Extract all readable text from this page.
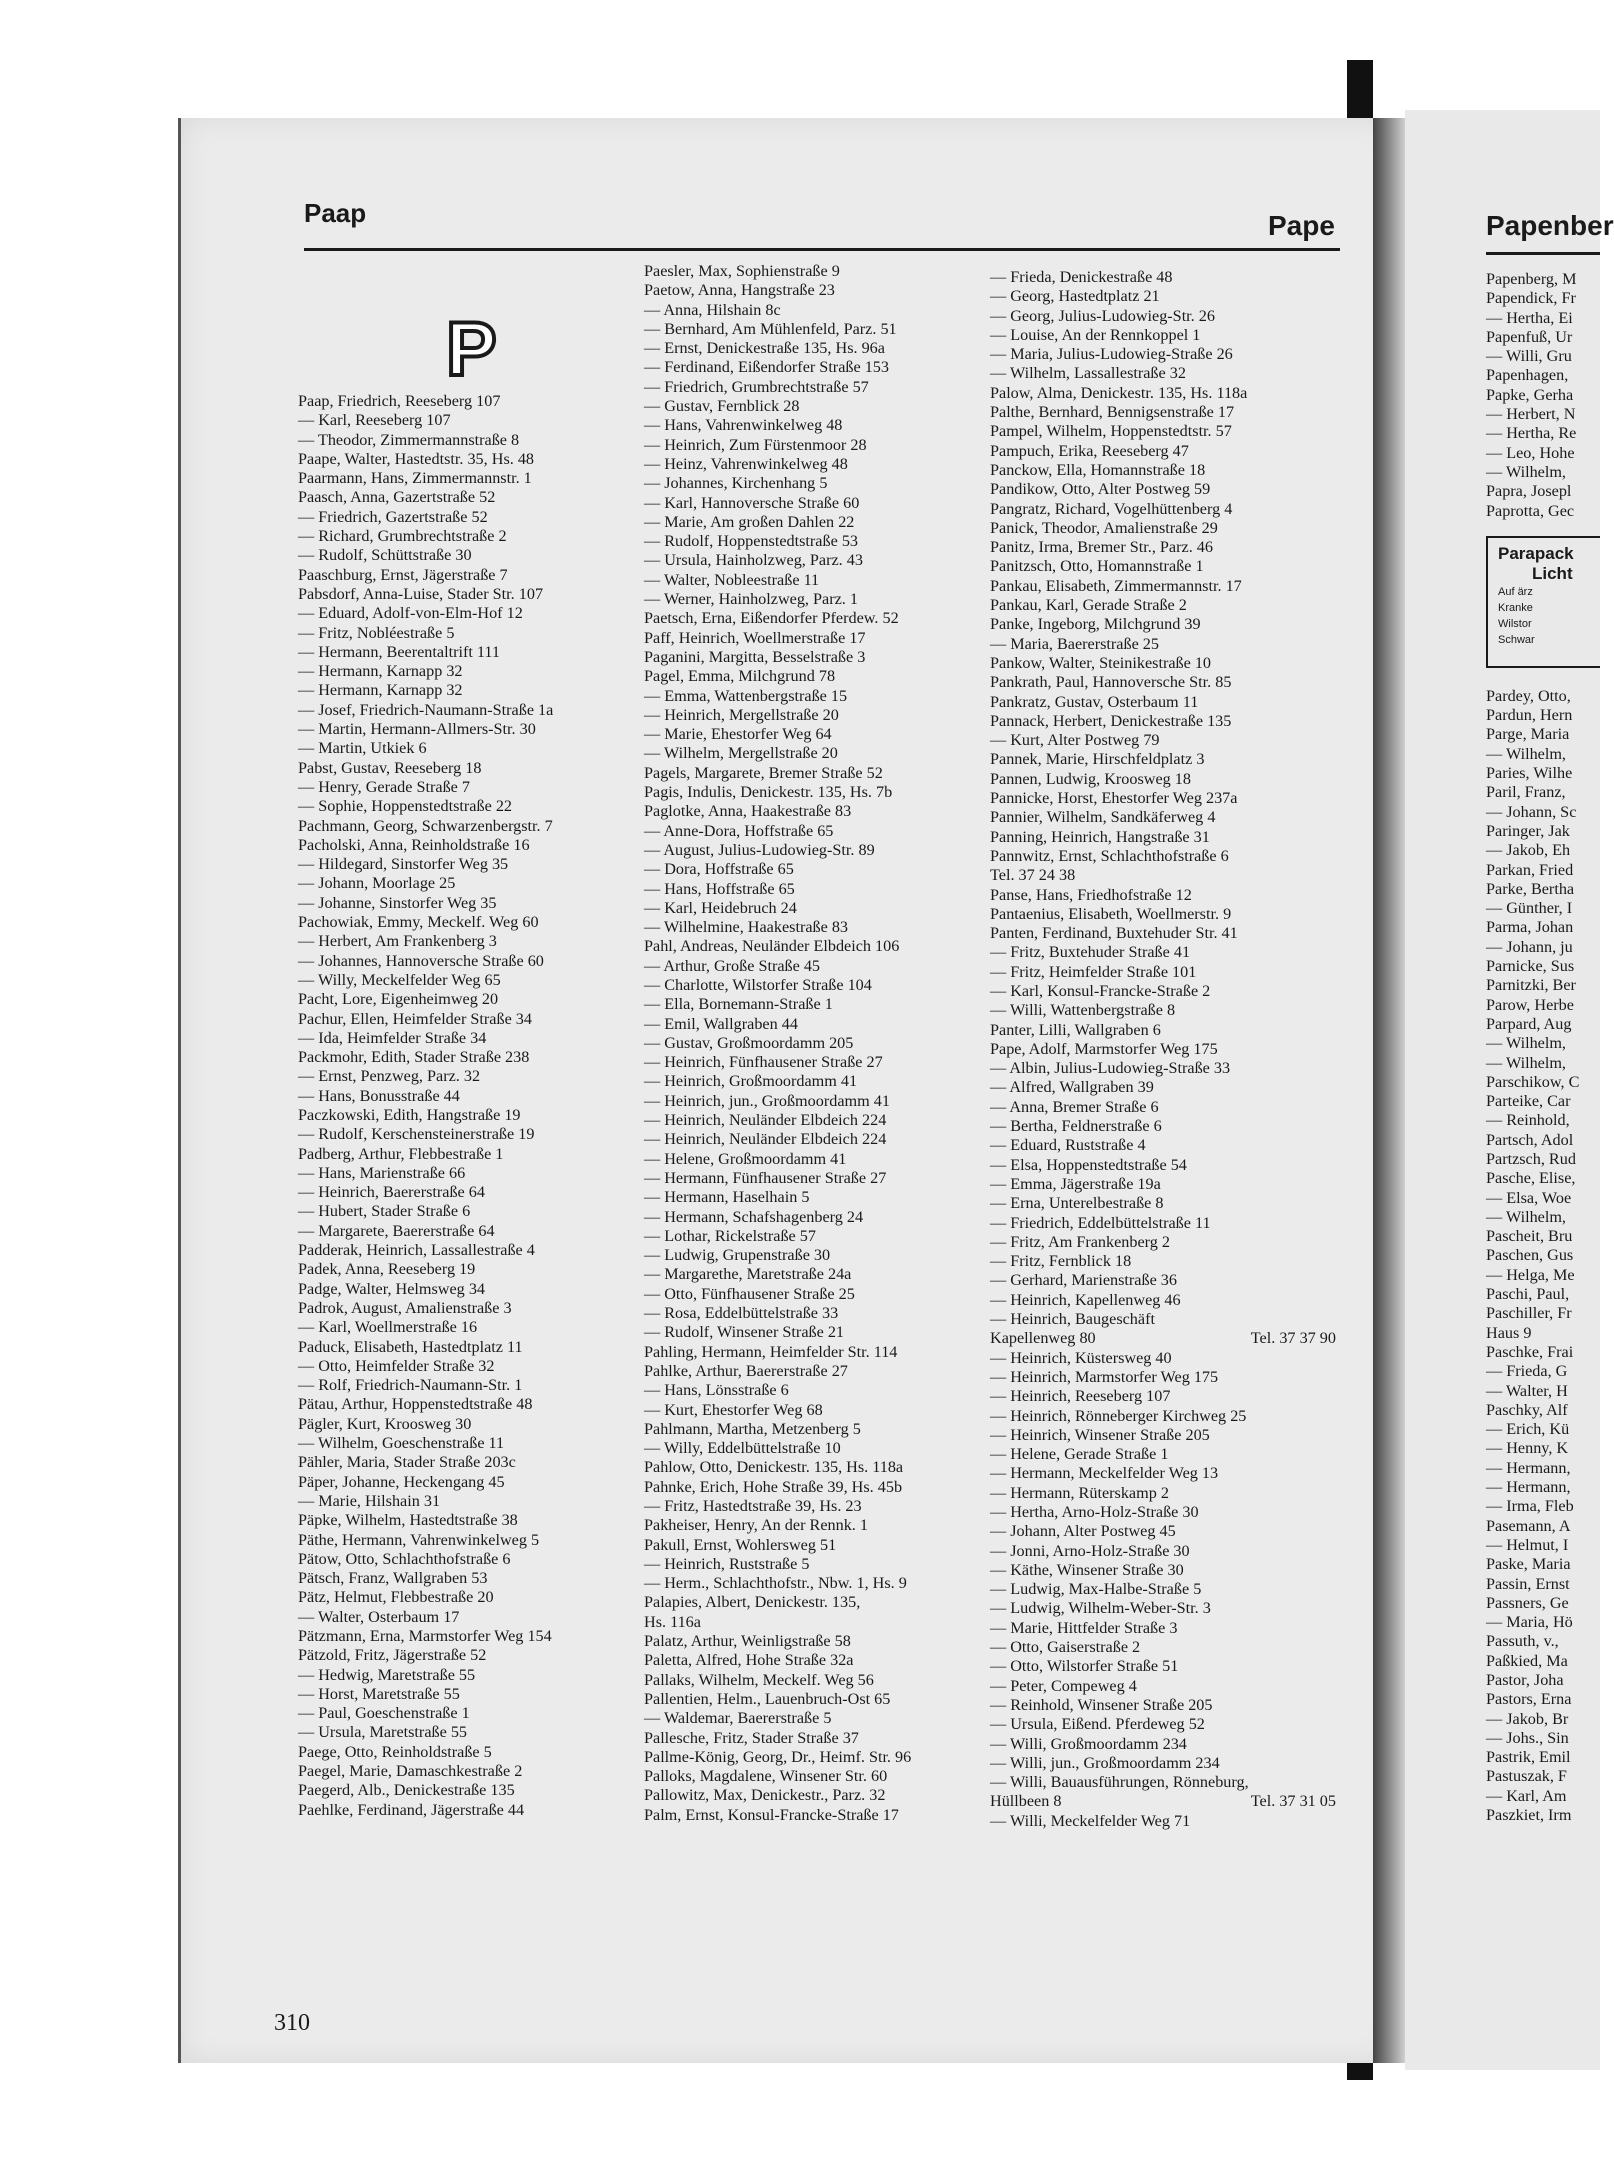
Paap	Pape	Papenber
P
Paap, Friedrich, Reeseberg 107
— Karl, Reeseberg 107
— Theodor, Zimmermannstraße 8
Paape, Walter, Hastedtstr. 35, Hs. 48
Paarmann, Hans, Zimmermannstr. 1
Paasch, Anna, Gazertstraße 52
— Friedrich, Gazertstraße 52
— Richard, Grumbrechtstraße 2
— Rudolf, Schüttstraße 30
Paaschburg, Ernst, Jägerstraße 7
Pabsdorf, Anna-Luise, Stader Str. 107
— Eduard, Adolf-von-Elm-Hof 12
— Fritz, Nobléestraße 5
— Hermann, Beerentaltrift 111
— Hermann, Karnapp 32
— Hermann, Karnapp 32
— Josef, Friedrich-Naumann-Straße 1a
— Martin, Hermann-Allmers-Str. 30
— Martin, Utkiek 6
Pabst, Gustav, Reeseberg 18
— Henry, Gerade Straße 7
— Sophie, Hoppenstedtstraße 22
Pachmann, Georg, Schwarzenbergstr. 7
Pacholski, Anna, Reinholdstraße 16
— Hildegard, Sinstorfer Weg 35
— Johann, Moorlage 25
— Johanne, Sinstorfer Weg 35
Pachowiak, Emmy, Meckelf. Weg 60
— Herbert, Am Frankenberg 3
— Johannes, Hannoversche Straße 60
— Willy, Meckelfelder Weg 65
Pacht, Lore, Eigenheimweg 20
Pachur, Ellen, Heimfelder Straße 34
— Ida, Heimfelder Straße 34
Packmohr, Edith, Stader Straße 238
— Ernst, Penzweg, Parz. 32
— Hans, Bonusstraße 44
Paczkowski, Edith, Hangstraße 19
— Rudolf, Kerschensteinerstraße 19
Padberg, Arthur, Flebbestraße 1
— Hans, Marienstraße 66
— Heinrich, Baererstraße 64
— Hubert, Stader Straße 6
— Margarete, Baererstraße 64
Padderak, Heinrich, Lassallestraße 4
Padek, Anna, Reeseberg 19
Padge, Walter, Helmsweg 34
Padrok, August, Amalienstraße 3
— Karl, Woellmerstraße 16
Paduck, Elisabeth, Hastedtplatz 11
— Otto, Heimfelder Straße 32
— Rolf, Friedrich-Naumann-Str. 1
Pätau, Arthur, Hoppenstedtstraße 48
Pägler, Kurt, Kroosweg 30
— Wilhelm, Goeschenstraße 11
Pähler, Maria, Stader Straße 203c
Päper, Johanne, Heckengang 45
— Marie, Hilshain 31
Päpke, Wilhelm, Hastedtstraße 38
Päthe, Hermann, Vahrenwinkelweg 5
Pätow, Otto, Schlachthofstraße 6
Pätsch, Franz, Wallgraben 53
Pätz, Helmut, Flebbestraße 20
— Walter, Osterbaum 17
Pätzmann, Erna, Marmstorfer Weg 154
Pätzold, Fritz, Jägerstraße 52
— Hedwig, Maretstraße 55
— Horst, Maretstraße 55
— Paul, Goeschenstraße 1
— Ursula, Maretstraße 55
Paege, Otto, Reinholdstraße 5
Paegel, Marie, Damaschkestraße 2
Paegerd, Alb., Denickestraße 135
Paehlke, Ferdinand, Jägerstraße 44
Paesler, Max, Sophienstraße 9
Paetow, Anna, Hangstraße 23
— Anna, Hilshain 8c
— Bernhard, Am Mühlenfeld, Parz. 51
— Ernst, Denickestraße 135, Hs. 96a
— Ferdinand, Eißendorfer Straße 153
— Friedrich, Grumbrechtstraße 57
— Gustav, Fernblick 28
— Hans, Vahrenwinkelweg 48
— Heinrich, Zum Fürstenmoor 28
— Heinz, Vahrenwinkelweg 48
— Johannes, Kirchenhang 5
— Karl, Hannoversche Straße 60
— Marie, Am großen Dahlen 22
— Rudolf, Hoppenstedtstraße 53
— Ursula, Hainholzweg, Parz. 43
— Walter, Nobleestraße 11
— Werner, Hainholzweg, Parz. 1
Paetsch, Erna, Eißendorfer Pferdew. 52
Paff, Heinrich, Woellmerstraße 17
Paganini, Margitta, Besselstraße 3
Pagel, Emma, Milchgrund 78
— Emma, Wattenbergstraße 15
— Heinrich, Mergellstraße 20
— Marie, Ehestorfer Weg 64
— Wilhelm, Mergellstraße 20
Pagels, Margarete, Bremer Straße 52
Pagis, Indulis, Denickestr. 135, Hs. 7b
Paglotke, Anna, Haakestraße 83
— Anne-Dora, Hoffstraße 65
— August, Julius-Ludowieg-Str. 89
— Dora, Hoffstraße 65
— Hans, Hoffstraße 65
— Karl, Heidebruch 24
— Wilhelmine, Haakestraße 83
Pahl, Andreas, Neuländer Elbdeich 106
— Arthur, Große Straße 45
— Charlotte, Wilstorfer Straße 104
— Ella, Bornemann-Straße 1
— Emil, Wallgraben 44
— Gustav, Großmoordamm 205
— Heinrich, Fünfhausener Straße 27
— Heinrich, Großmoordamm 41
— Heinrich, jun., Großmoordamm 41
— Heinrich, Neuländer Elbdeich 224
— Heinrich, Neuländer Elbdeich 224
— Helene, Großmoordamm 41
— Hermann, Fünfhausener Straße 27
— Hermann, Haselhain 5
— Hermann, Schafshagenberg 24
— Lothar, Rickelstraße 57
— Ludwig, Grupenstraße 30
— Margarethe, Maretstraße 24a
— Otto, Fünfhausener Straße 25
— Rosa, Eddelbüttelstraße 33
— Rudolf, Winsener Straße 21
Pahling, Hermann, Heimfelder Str. 114
Pahlke, Arthur, Baererstraße 27
— Hans, Lönsstraße 6
— Kurt, Ehestorfer Weg 68
Pahlmann, Martha, Metzenberg 5
— Willy, Eddelbüttelstraße 10
Pahlow, Otto, Denickestr. 135, Hs. 118a
Pahnke, Erich, Hohe Straße 39, Hs. 45b
— Fritz, Hastedtstraße 39, Hs. 23
Pakheiser, Henry, An der Rennk. 1
Pakull, Ernst, Wohlersweg 51
— Heinrich, Ruststraße 5
— Herm., Schlachthofstr., Nbw. 1, Hs. 9
Palapies, Albert, Denickestr. 135,
Hs. 116a
Palatz, Arthur, Weinligstraße 58
Paletta, Alfred, Hohe Straße 32a
Pallaks, Wilhelm, Meckelf. Weg 56
Pallentien, Helm., Lauenbruch-Ost 65
— Waldemar, Baererstraße 5
Pallesche, Fritz, Stader Straße 37
Pallme-König, Georg, Dr., Heimf. Str. 96
Palloks, Magdalene, Winsener Str. 60
Pallowitz, Max, Denickestr., Parz. 32
Palm, Ernst, Konsul-Francke-Straße 17
— Frieda, Denickestraße 48
— Georg, Hastedtplatz 21
— Georg, Julius-Ludowieg-Str. 26
— Louise, An der Rennkoppel 1
— Maria, Julius-Ludowieg-Straße 26
— Wilhelm, Lassallestraße 32
Palow, Alma, Denickestr. 135, Hs. 118a
Palthe, Bernhard, Bennigsenstraße 17
Pampel, Wilhelm, Hoppenstedtstr. 57
Pampuch, Erika, Reeseberg 47
Panckow, Ella, Homannstraße 18
Pandikow, Otto, Alter Postweg 59
Pangratz, Richard, Vogelhüttenberg 4
Panick, Theodor, Amalienstraße 29
Panitz, Irma, Bremer Str., Parz. 46
Panitzsch, Otto, Homannstraße 1
Pankau, Elisabeth, Zimmermannstr. 17
Pankau, Karl, Gerade Straße 2
Panke, Ingeborg, Milchgrund 39
— Maria, Baererstraße 25
Pankow, Walter, Steinikestraße 10
Pankrath, Paul, Hannoversche Str. 85
Pankratz, Gustav, Osterbaum 11
Pannack, Herbert, Denickestraße 135
— Kurt, Alter Postweg 79
Pannek, Marie, Hirschfeldplatz 3
Pannen, Ludwig, Kroosweg 18
Pannicke, Horst, Ehestorfer Weg 237a
Pannier, Wilhelm, Sandkäferweg 4
Panning, Heinrich, Hangstraße 31
Pannwitz, Ernst, Schlachthofstraße 6
Tel. 37 24 38
Panse, Hans, Friedhofstraße 12
Pantaenius, Elisabeth, Woellmerstr. 9
Panten, Ferdinand, Buxtehuder Str. 41
— Fritz, Buxtehuder Straße 41
— Fritz, Heimfelder Straße 101
— Karl, Konsul-Francke-Straße 2
— Willi, Wattenbergstraße 8
Panter, Lilli, Wallgraben 6
Pape, Adolf, Marmstorfer Weg 175
— Albin, Julius-Ludowieg-Straße 33
— Alfred, Wallgraben 39
— Anna, Bremer Straße 6
— Bertha, Feldnerstraße 6
— Eduard, Ruststraße 4
— Elsa, Hoppenstedtstraße 54
— Emma, Jägerstraße 19a
— Erna, Unterelbestraße 8
— Friedrich, Eddelbüttelstraße 11
— Fritz, Am Frankenberg 2
— Fritz, Fernblick 18
— Gerhard, Marienstraße 36
— Heinrich, Kapellenweg 46
— Heinrich, Baugeschäft
Tel. 37 37 90
Kapellenweg 80
— Heinrich, Küstersweg 40
— Heinrich, Marmstorfer Weg 175
— Heinrich, Reeseberg 107
— Heinrich, Rönneberger Kirchweg 25
— Heinrich, Winsener Straße 205
— Helene, Gerade Straße 1
— Hermann, Meckelfelder Weg 13
— Hermann, Rüterskamp 2
— Hertha, Arno-Holz-Straße 30
— Johann, Alter Postweg 45
— Jonni, Arno-Holz-Straße 30
— Käthe, Winsener Straße 30
— Ludwig, Max-Halbe-Straße 5
— Ludwig, Wilhelm-Weber-Str. 3
— Marie, Hittfelder Straße 3
— Otto, Gaiserstraße 2
— Otto, Wilstorfer Straße 51
— Peter, Compeweg 4
— Reinhold, Winsener Straße 205
— Ursula, Eißend. Pferdeweg 52
— Willi, Großmoordamm 234
— Willi, jun., Großmoordamm 234
— Willi, Bauausführungen, Rönneburg,
Tel. 37 31 05
Hüllbeen 8
— Willi, Meckelfelder Weg 71
Papenberg, M
Papendick, Fr
— Hertha, Ei
Papenfuß, Ur
— Willi, Gru
Papenhagen,
Papke, Gerha
— Herbert, N
— Hertha, Re
— Leo, Hohe
— Wilhelm,
Papra, Josepl
Paprotta, Gec
Pardey, Otto,
Pardun, Hern
Parge, Maria
— Wilhelm,
Paries, Wilhe
Paril, Franz,
— Johann, Sc
Paringer, Jak
— Jakob, Eh
Parkan, Fried
Parke, Bertha
— Günther, I
Parma, Johan
— Johann, ju
Parnicke, Sus
Parnitzki, Ber
Parow, Herbe
Parpard, Aug
— Wilhelm,
— Wilhelm,
Parschikow, C
Parteike, Car
— Reinhold,
Partsch, Adol
Partzsch, Rud
Pasche, Elise,
— Elsa, Woe
— Wilhelm,
Pascheit, Bru
Paschen, Gus
— Helga, Me
Paschi, Paul,
Paschiller, Fr
Haus 9
Paschke, Frai
— Frieda, G
— Walter, H
Paschky, Alf
— Erich, Kü
— Henny, K
— Hermann,
— Hermann,
— Irma, Fleb
Pasemann, A
— Helmut, I
Paske, Maria
Passin, Ernst
Passners, Ge
— Maria, Hö
Passuth, v.,
Paßkied, Ma
Pastor, Joha
Pastors, Erna
— Jakob, Br
— Johs., Sin
Pastrik, Emil
Pastuszak, F
— Karl, Am
Paszkiet, Irm
Parapack
Licht
Auf ärz
Kranke
Wilstor
Schwar
310
